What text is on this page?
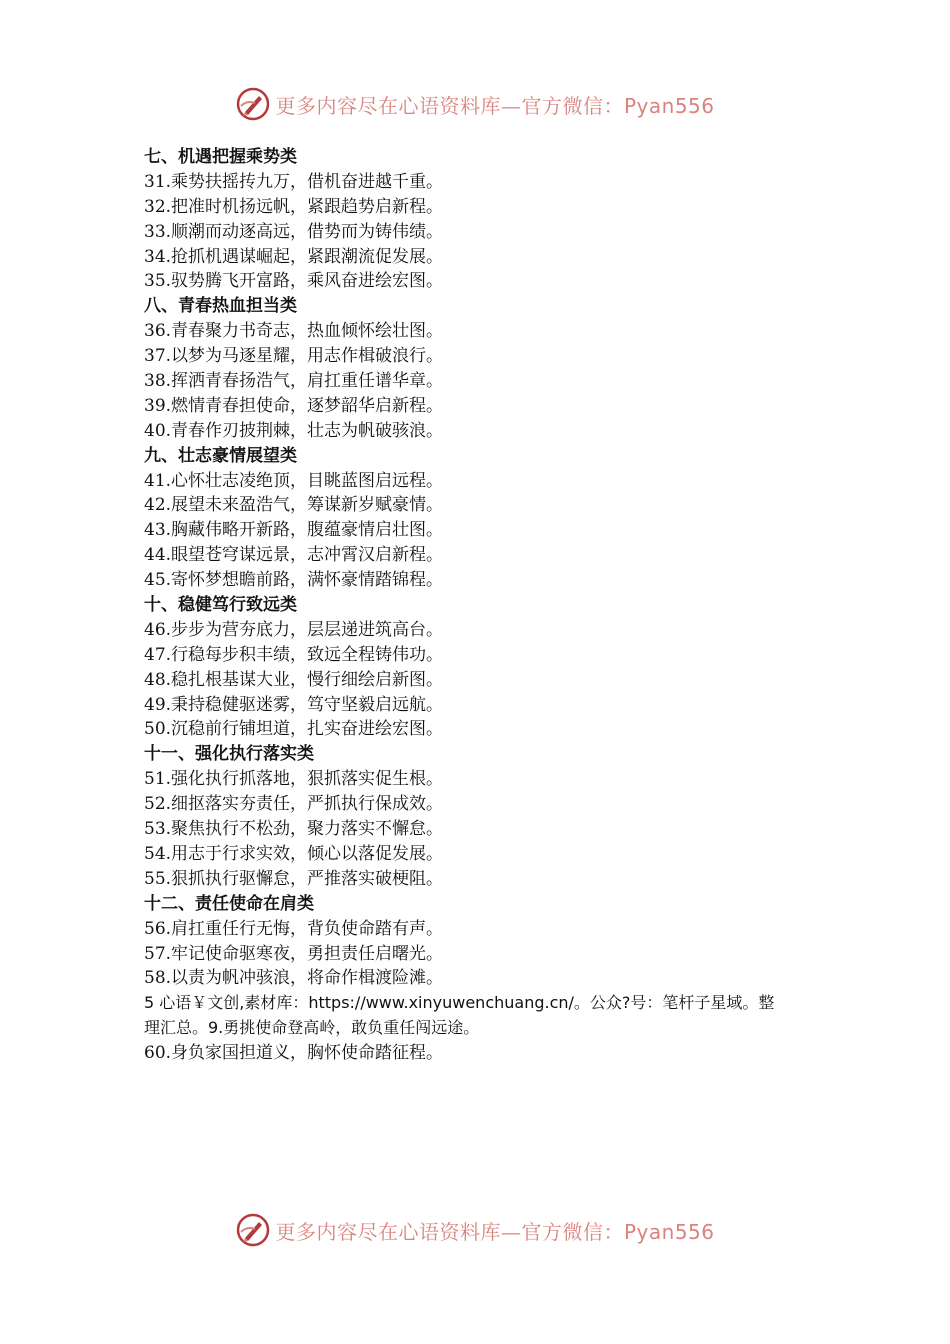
更多内容尽在心语资料库—官方微信：Pyan556
七、机遇把握乘势类
31.乘势扶摇抟九万，借机奋进越千重。
32.把准时机扬远帆，紧跟趋势启新程。
33.顺潮而动逐高远，借势而为铸伟绩。
34.抢抓机遇谋崛起，紧跟潮流促发展。
35.驭势腾飞开富路，乘风奋进绘宏图。
八、青春热血担当类
36.青春聚力书奇志，热血倾怀绘壮图。
37.以梦为马逐星耀，用志作楫破浪行。
38.挥洒青春扬浩气，肩扛重任谱华章。
39.燃情青春担使命，逐梦韶华启新程。
40.青春作刃披荆棘，壮志为帆破骇浪。
九、壮志豪情展望类
41.心怀壮志凌绝顶，目眺蓝图启远程。
42.展望未来盈浩气，筹谋新岁赋豪情。
43.胸藏伟略开新路，腹蕴豪情启壮图。
44.眼望苍穹谋远景，志冲霄汉启新程。
45.寄怀梦想瞻前路，满怀豪情踏锦程。
十、稳健笃行致远类
46.步步为营夯底力，层层递进筑高台。
47.行稳每步积丰绩，致远全程铸伟功。
48.稳扎根基谋大业，慢行细绘启新图。
49.秉持稳健驱迷雾，笃守坚毅启远航。
50.沉稳前行铺坦道，扎实奋进绘宏图。
十一、强化执行落实类
51.强化执行抓落地，狠抓落实促生根。
52.细抠落实夯责任，严抓执行保成效。
53.聚焦执行不松劲，聚力落实不懈怠。
54.用志于行求实效，倾心以落促发展。
55.狠抓执行驱懈怠，严推落实破梗阻。
十二、责任使命在肩类
56.肩扛重任行无悔，背负使命踏有声。
57.牢记使命驱寒夜，勇担责任启曙光。
58.以责为帆冲骇浪，将命作楫渡险滩。
5 心语￥文创,素材库：https://www.xinyuwenchuang.cn/。公众?号：笔杆子星域。整
理汇总。9.勇挑使命登高岭，敢负重任闯远途。
60.身负家国担道义，胸怀使命踏征程。
更多内容尽在心语资料库—官方微信：Pyan556
